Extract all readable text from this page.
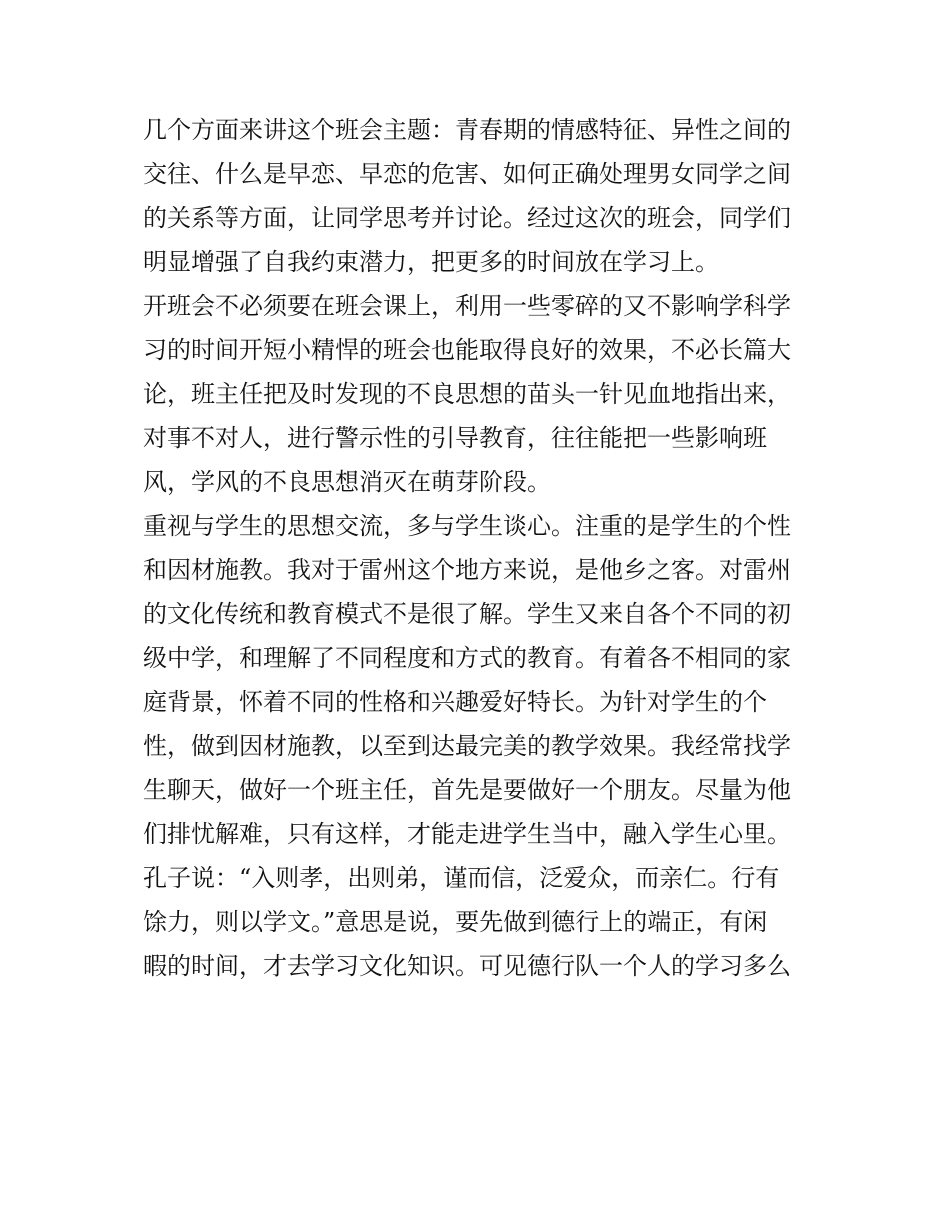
几个方面来讲这个班会主题：青春期的情感特征、异性之间的
交往、什么是早恋、早恋的危害、如何正确处理男女同学之间
的关系等方面，让同学思考并讨论。经过这次的班会，同学们
明显增强了自我约束潜力，把更多的时间放在学习上。
开班会不必须要在班会课上，利用一些零碎的又不影响学科学
习的时间开短小精悍的班会也能取得良好的效果，不必长篇大
论，班主任把及时发现的不良思想的苗头一针见血地指出来，
对事不对人，进行警示性的引导教育，往往能把一些影响班
风，学风的不良思想消灭在萌芽阶段。
重视与学生的思想交流，多与学生谈心。注重的是学生的个性
和因材施教。我对于雷州这个地方来说，是他乡之客。对雷州
的文化传统和教育模式不是很了解。学生又来自各个不同的初
级中学，和理解了不同程度和方式的教育。有着各不相同的家
庭背景，怀着不同的性格和兴趣爱好特长。为针对学生的个
性，做到因材施教，以至到达最完美的教学效果。我经常找学
生聊天，做好一个班主任，首先是要做好一个朋友。尽量为他
们排忧解难，只有这样，才能走进学生当中，融入学生心里。
孔子说：“入则孝，出则弟，谨而信，泛爱众，而亲仁。行有
馀力，则以学文。”意思是说，要先做到德行上的端正，有闲
暇的时间，才去学习文化知识。可见德行队一个人的学习多么
